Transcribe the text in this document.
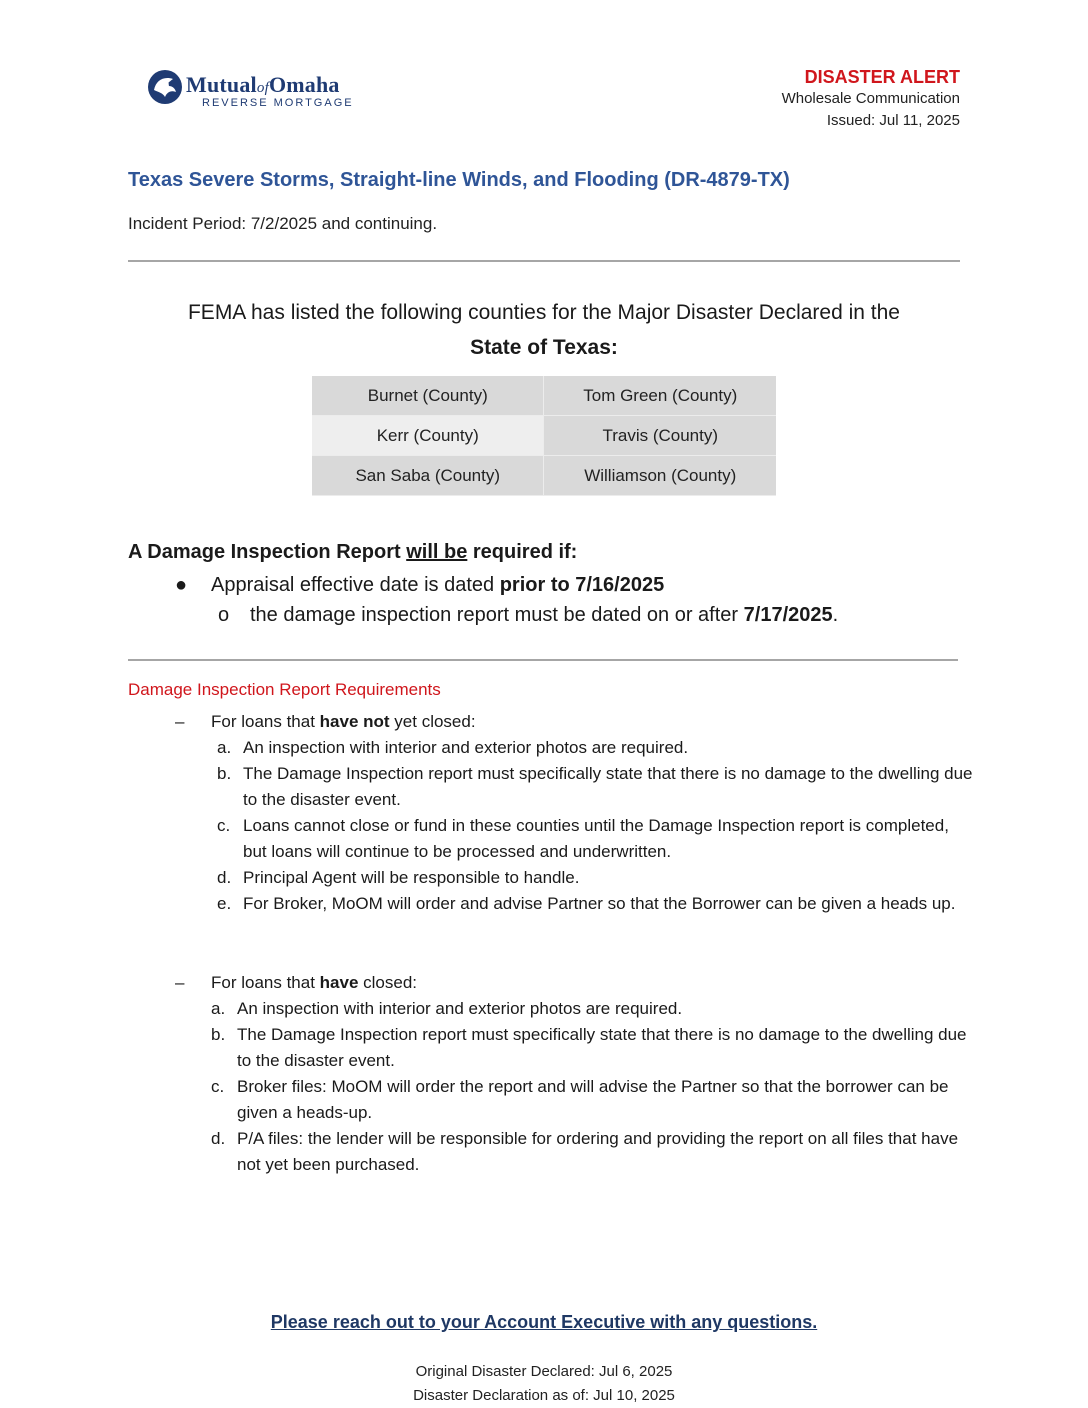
MutualofOmaha
REVERSE MORTGAGE
DISASTER ALERT
Wholesale Communication
Issued: Jul 11, 2025
Texas Severe Storms, Straight-line Winds, and Flooding (DR-4879-TX)
Incident Period: 7/2/2025 and continuing.
FEMA has listed the following counties for the Major Disaster Declared in the
State of Texas:
Burnet (County)	Tom Green (County)
Kerr (County)	Travis (County)
San Saba (County)	Williamson (County)
A Damage Inspection Report will be required if:
● Appraisal effective date is dated prior to 7/16/2025
o the damage inspection report must be dated on or after 7/17/2025.
Damage Inspection Report Requirements
–	For loans that have not yet closed:
a. An inspection with interior and exterior photos are required.
b. The Damage Inspection report must specifically state that there is no damage to the dwelling due to the disaster event.
c. Loans cannot close or fund in these counties until the Damage Inspection report is completed, but loans will continue to be processed and underwritten.
d. Principal Agent will be responsible to handle.
e. For Broker, MoOM will order and advise Partner so that the Borrower can be given a heads up.
–	For loans that have closed:
a. An inspection with interior and exterior photos are required.
b. The Damage Inspection report must specifically state that there is no damage to the dwelling due to the disaster event.
c. Broker files: MoOM will order the report and will advise the Partner so that the borrower can be given a heads-up.
d. P/A files: the lender will be responsible for ordering and providing the report on all files that have not yet been purchased.
Please reach out to your Account Executive with any questions.
Original Disaster Declared: Jul 6, 2025
Disaster Declaration as of: Jul 10, 2025
